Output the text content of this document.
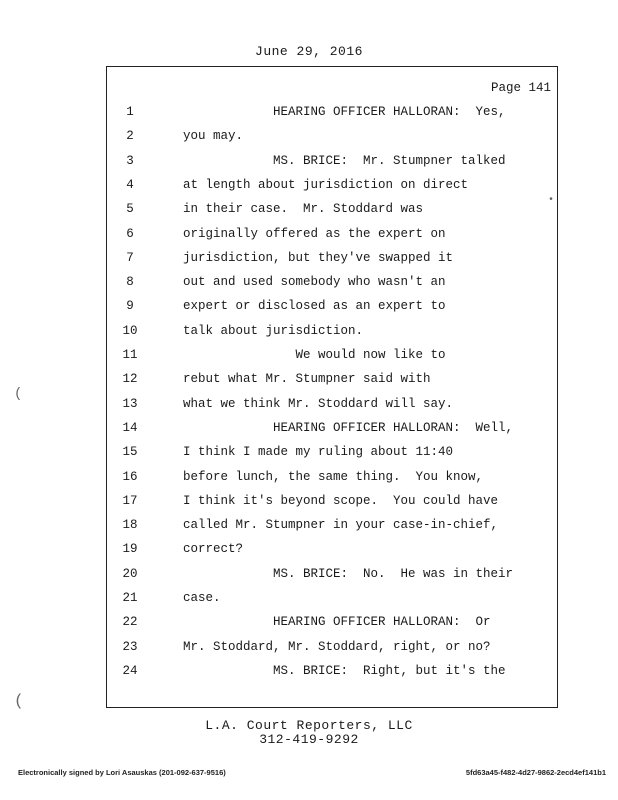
June 29, 2016
Page 141
1	HEARING OFFICER HALLORAN:  Yes,
2	you may.
3	MS. BRICE:  Mr. Stumpner talked
4	at length about jurisdiction on direct
5	in their case.  Mr. Stoddard was
6	originally offered as the expert on
7	jurisdiction, but they've swapped it
8	out and used somebody who wasn't an
9	expert or disclosed as an expert to
10	talk about jurisdiction.
11	We would now like to
12	rebut what Mr. Stumpner said with
13	what we think Mr. Stoddard will say.
14	HEARING OFFICER HALLORAN:  Well,
15	I think I made my ruling about 11:40
16	before lunch, the same thing.  You know,
17	I think it's beyond scope.  You could have
18	called Mr. Stumpner in your case-in-chief,
19	correct?
20	MS. BRICE:  No.  He was in their
21	case.
22	HEARING OFFICER HALLORAN:  Or
23	Mr. Stoddard, Mr. Stoddard, right, or no?
24	MS. BRICE:  Right, but it's the
L.A. Court Reporters, LLC
312-419-9292
Electronically signed by Lori Asauskas (201-092-637-9516)	5fd63a45-f482-4d27-9862-2ecd4ef141b1
•
(
(
